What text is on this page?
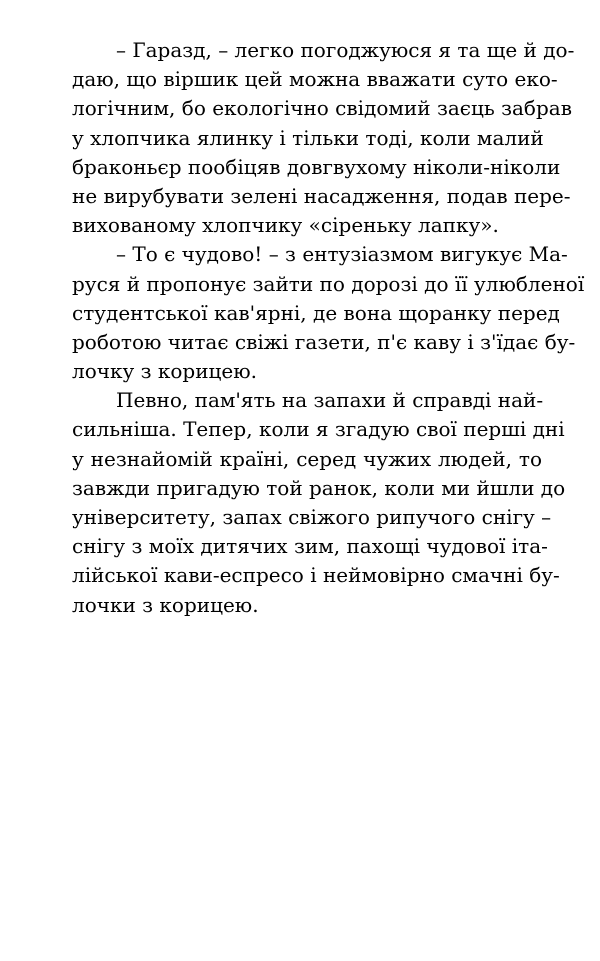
– Гаразд, – легко погоджуюся я та ще й до-
даю, що віршик цей можна вважати суто еко-
логічним, бо екологічно свідомий заєць забрав
у хлопчика ялинку і тільки тоді, коли малий
браконьєр пообіцяв довгвухому ніколи-ніколи
не вирубувати зелені насадження, подав пере-
вихованому хлопчику «сіреньку лапку».
– То є чудово! – з ентузіазмом вигукує Ма-
руся й пропонує зайти по дорозі до її улюбленої
студентської кав'ярні, де вона щоранку перед
роботою читає свіжі газети, п'є каву і з'їдає бу-
лочку з корицею.
Певно, пам'ять на запахи й справді най-
сильніша. Тепер, коли я згадую свої перші дні
у незнайомій країні, серед чужих людей, то
завжди пригадую той ранок, коли ми йшли до
університету, запах свіжого рипучого снігу –
снігу з моїх дитячих зим, пахощі чудової іта-
лійської кави-еспресо і неймовірно смачні бу-
лочки з корицею.
